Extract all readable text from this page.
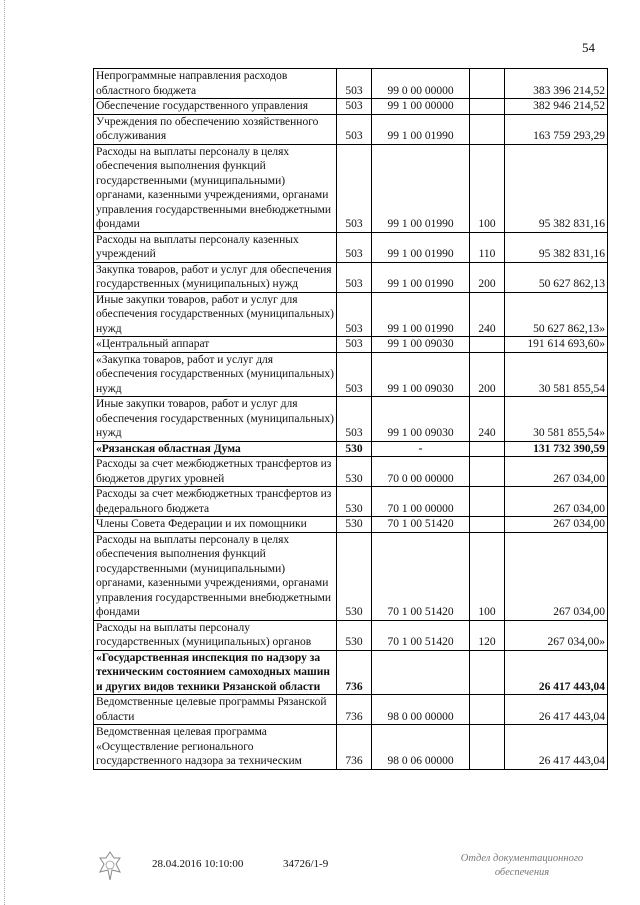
54
Непрограммные направления расходов областного бюджета	503	99 0 00 00000		383 396 214,52
Обеспечение государственного управления	503	99 1 00 00000		382 946 214,52
Учреждения по обеспечению хозяйственного обслуживания	503	99 1 00 01990		163 759 293,29
Расходы на выплаты персоналу в целях обеспечения выполнения функций государственными (муниципальными) органами, казенными учреждениями, органами управления государственными внебюджетными фондами	503	99 1 00 01990	100	95 382 831,16
Расходы на выплаты персоналу казенных учреждений	503	99 1 00 01990	110	95 382 831,16
Закупка товаров, работ и услуг для обеспечения государственных (муниципальных) нужд	503	99 1 00 01990	200	50 627 862,13
Иные закупки товаров, работ и услуг для обеспечения государственных (муниципальных) нужд	503	99 1 00 01990	240	50 627 862,13»
«Центральный аппарат	503	99 1 00 09030		191 614 693,60»
«Закупка товаров, работ и услуг для обеспечения государственных (муниципальных) нужд	503	99 1 00 09030	200	30 581 855,54
Иные закупки товаров, работ и услуг для обеспечения государственных (муниципальных) нужд	503	99 1 00 09030	240	30 581 855,54»
«Рязанская областная Дума	530	-		131 732 390,59
Расходы за счет межбюджетных трансфертов из бюджетов других уровней	530	70 0 00 00000		267 034,00
Расходы за счет межбюджетных трансфертов из федерального бюджета	530	70 1 00 00000		267 034,00
Члены Совета Федерации и их помощники	530	70 1 00 51420		267 034,00
Расходы на выплаты персоналу в целях обеспечения выполнения функций государственными (муниципальными) органами, казенными учреждениями, органами управления государственными внебюджетными фондами	530	70 1 00 51420	100	267 034,00
Расходы на выплаты персоналу государственных (муниципальных) органов	530	70 1 00 51420	120	267 034,00»
«Государственная инспекция по надзору за техническим состоянием самоходных машин и других видов техники Рязанской области	736			26 417 443,04
Ведомственные целевые программы Рязанской области	736	98 0 00 00000		26 417 443,04
Ведомственная целевая программа «Осуществление регионального государственного надзора за техническим	736	98 0 06 00000		26 417 443,04
28.04.2016 10:10:00	34726/1-9	Отдел документационного
обеспечения
